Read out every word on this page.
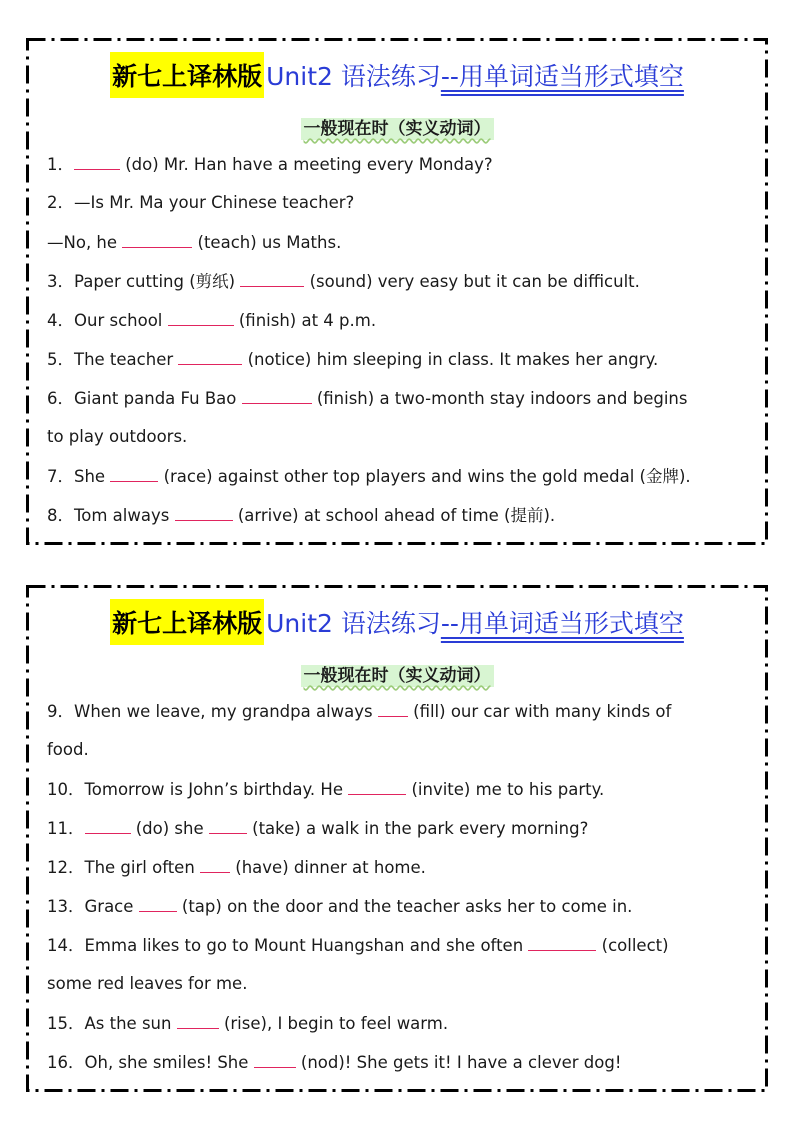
新七上译林版 Unit2 语法练习 --用单词适当形式填空
一般现在时（实义动词）
1．	(do) Mr. Han have a meeting every Monday?
2．—Is Mr. Ma your Chinese teacher?
—No, he	(teach) us Maths.
3．Paper cutting (剪纸)	(sound) very easy but it can be difficult.
4．Our school	(finish) at 4 p.m.
5．The teacher	(notice) him sleeping in class. It makes her angry.
6．Giant panda Fu Bao	(finish) a two-month stay indoors and begins
to play outdoors.
7．She	(race) against other top players and wins the gold medal (金牌).
8．Tom always	(arrive) at school ahead of time (提前).
新七上译林版 Unit2 语法练习 --用单词适当形式填空
一般现在时（实义动词）
9．When we leave, my grandpa always  (fill) our car with many kinds of
food.
10．Tomorrow is John’s birthday. He	(invite) me to his party.
11．	(do) she  (take) a walk in the park every morning?
12．The girl often  (have) dinner at home.
13．Grace  (tap) on the door and the teacher asks her to come in.
14．Emma likes to go to Mount Huangshan and she often	(collect)
some red leaves for me.
15．As the sun	(rise), I begin to feel warm.
16．Oh, she smiles! She	(nod)! She gets it! I have a clever dog!
